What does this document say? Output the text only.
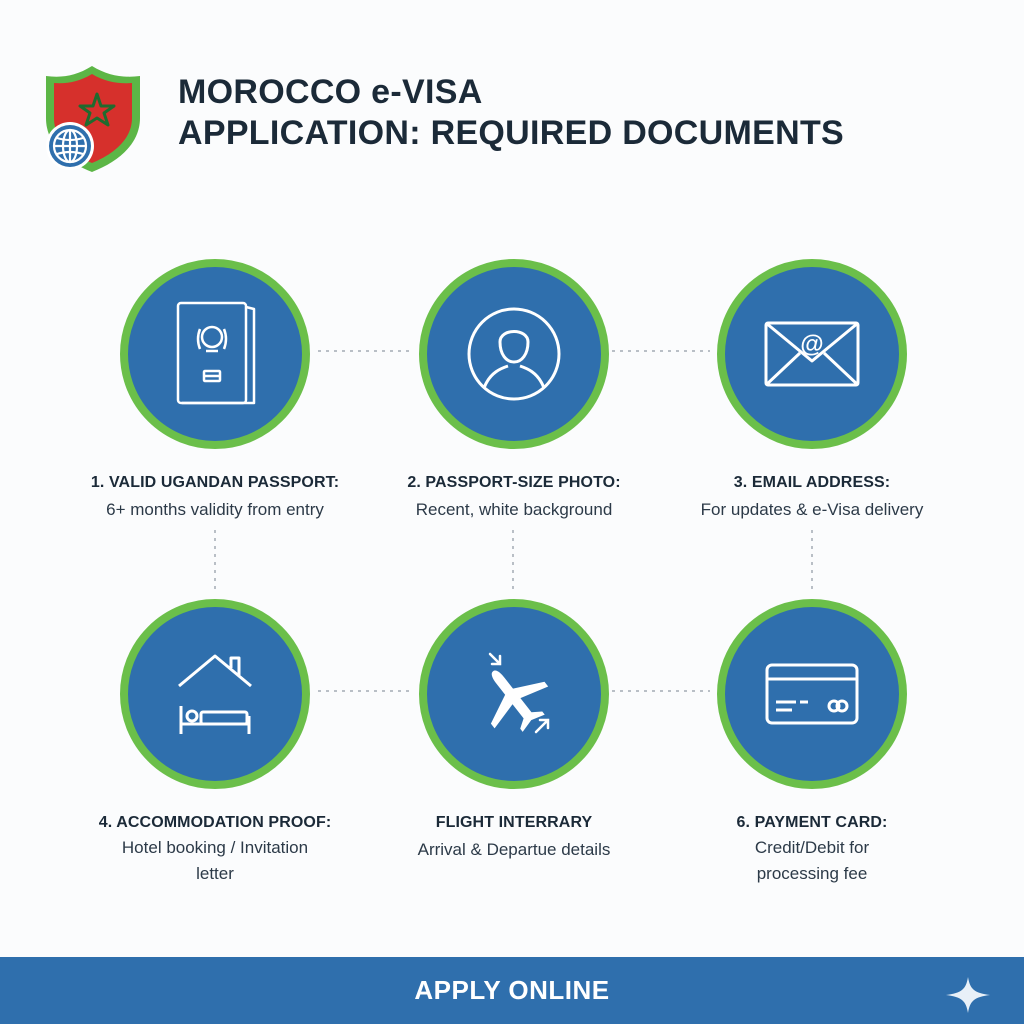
MOROCCO e-VISA
APPLICATION: REQUIRED DOCUMENTS
1. VALID UGANDAN PASSPORT:
6+ months validity from entry
2. PASSPORT-SIZE PHOTO:
Recent, white background
@
3. EMAIL ADDRESS:
For updates & e-Visa delivery
4. ACCOMMODATION PROOF:
Hotel booking / Invitation
letter
FLIGHT INTERRARY
Arrival & Departue details
6. PAYMENT CARD:
Credit/Debit for
processing fee
APPLY ONLINE
